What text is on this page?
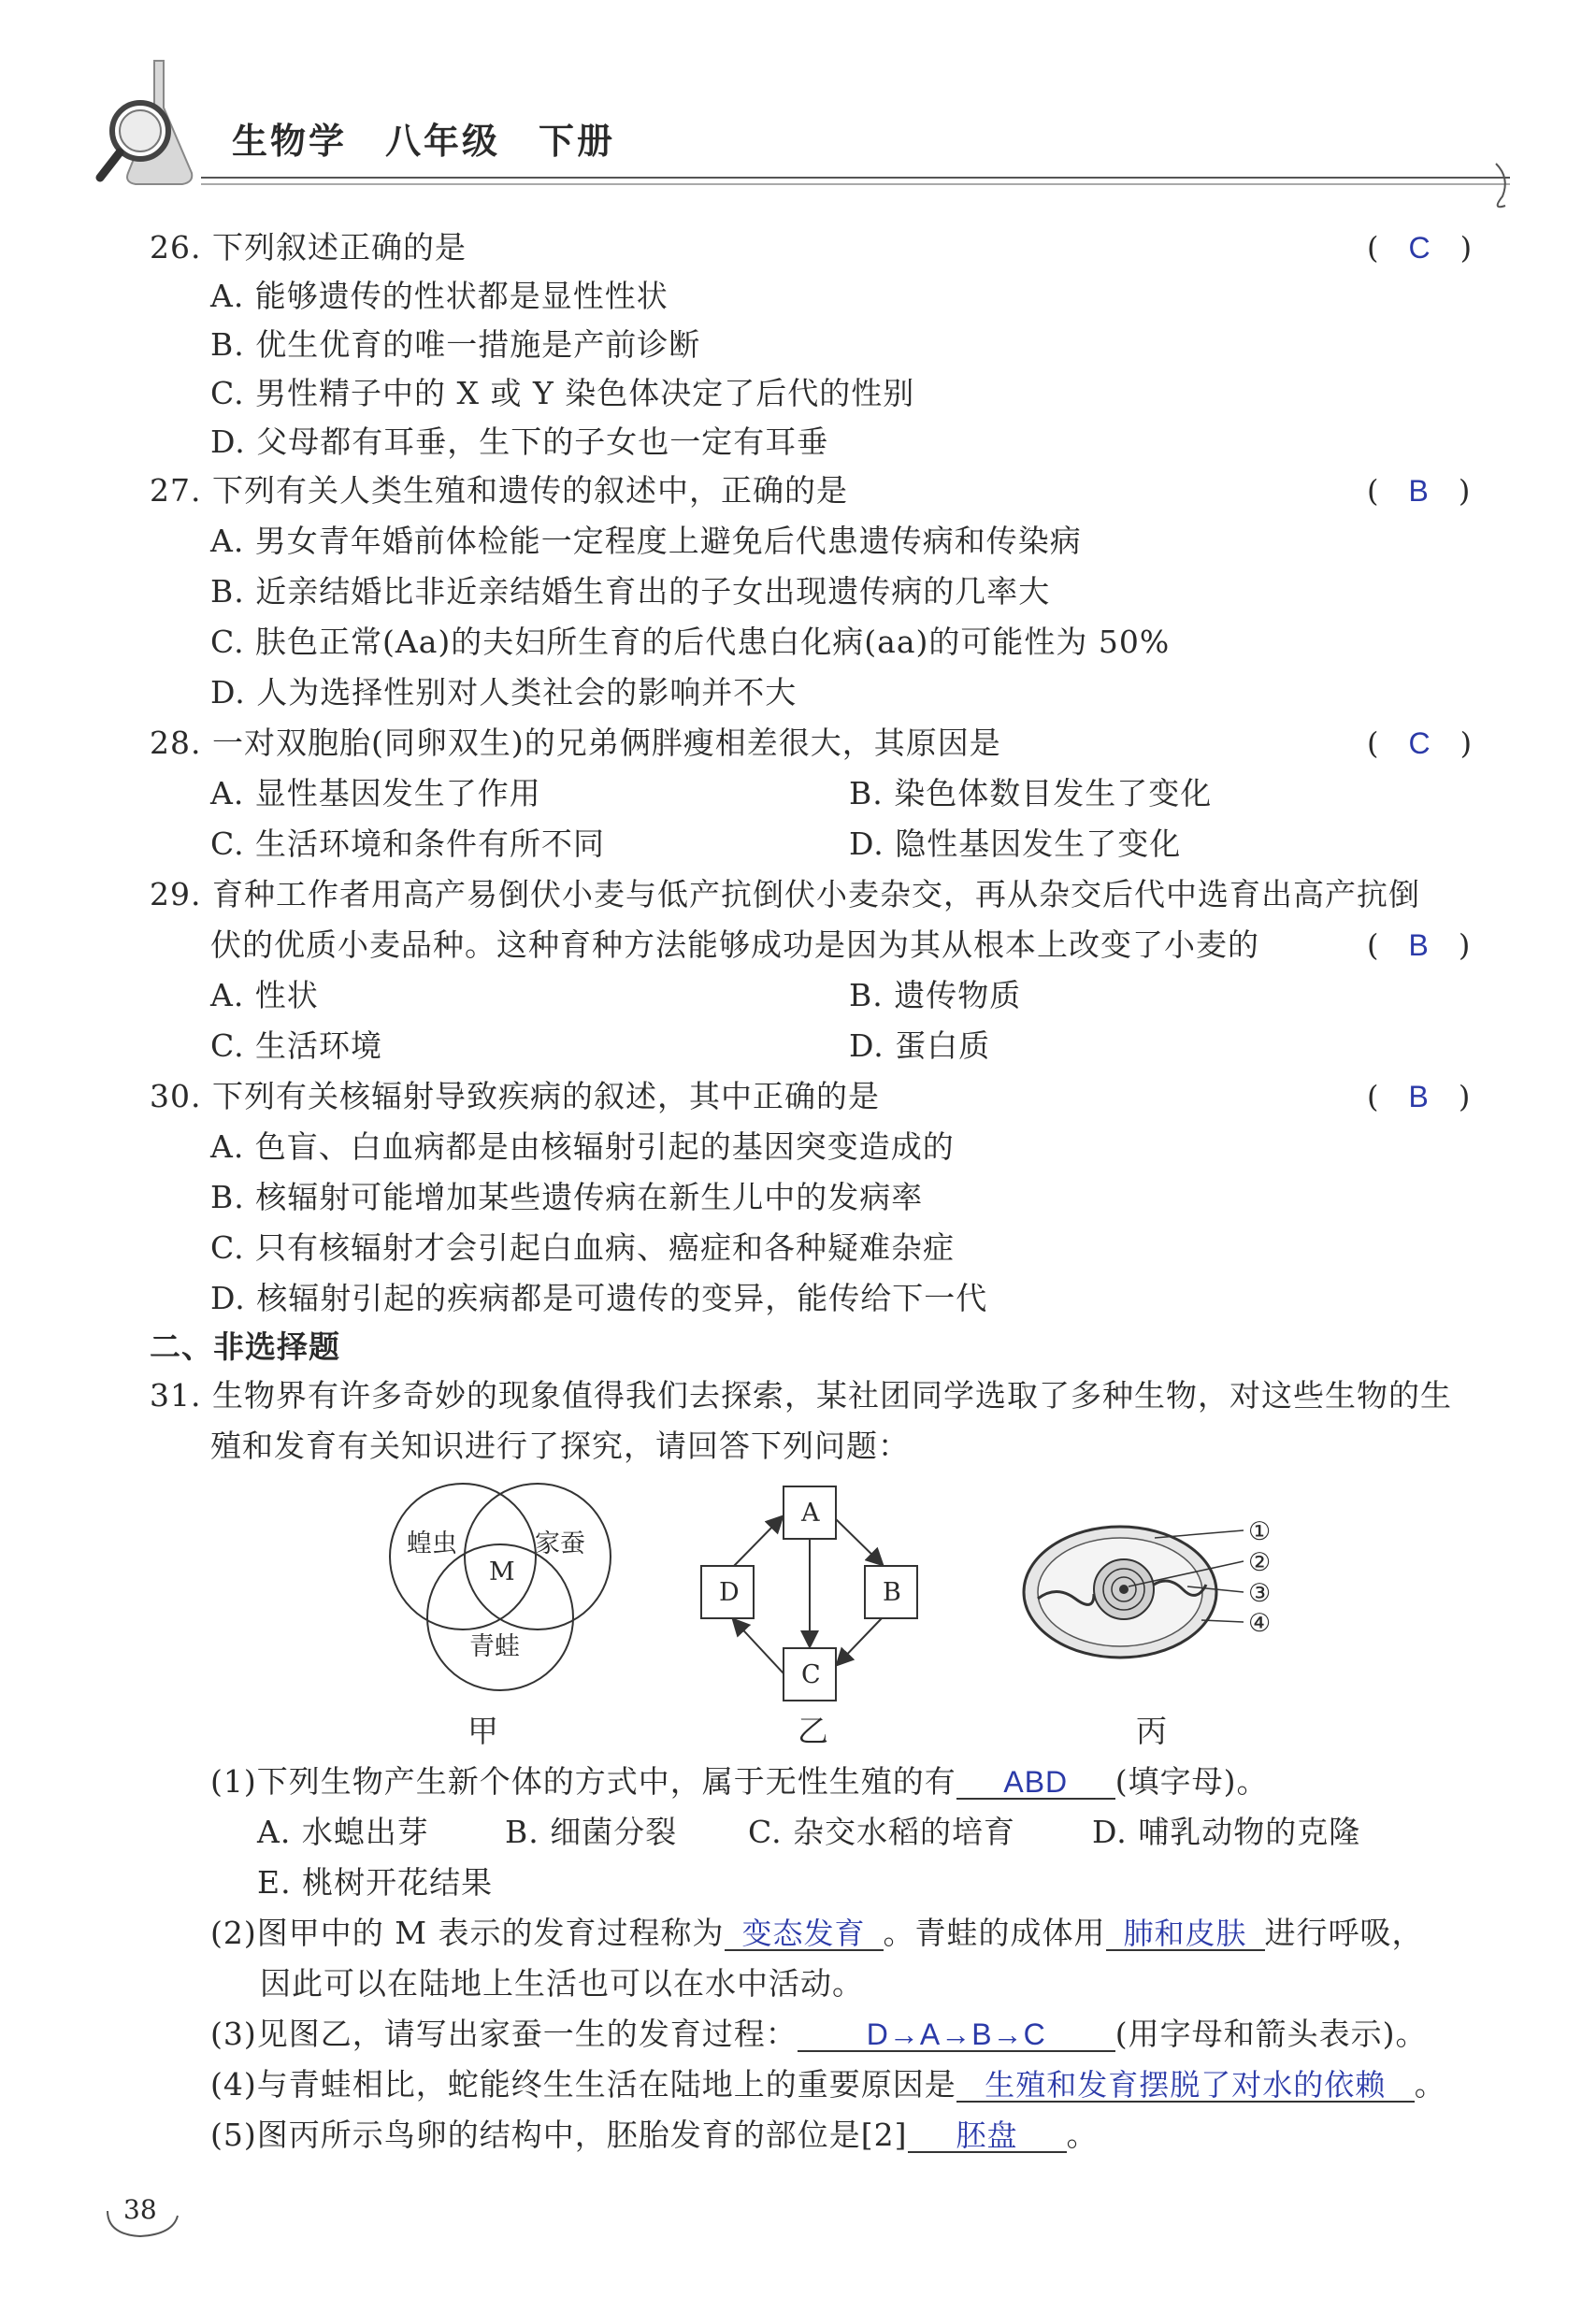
生物学　八年级　下册
26. 下列叙述正确的是	(　C　)
A. 能够遗传的性状都是显性性状
B. 优生优育的唯一措施是产前诊断
C. 男性精子中的 X 或 Y 染色体决定了后代的性别
D. 父母都有耳垂，生下的子女也一定有耳垂
27. 下列有关人类生殖和遗传的叙述中，正确的是	(　B　)
A. 男女青年婚前体检能一定程度上避免后代患遗传病和传染病
B. 近亲结婚比非近亲结婚生育出的子女出现遗传病的几率大
C. 肤色正常(Aa)的夫妇所生育的后代患白化病(aa)的可能性为 50%
D. 人为选择性别对人类社会的影响并不大
28. 一对双胞胎(同卵双生)的兄弟俩胖瘦相差很大，其原因是	(　C　)
A. 显性基因发生了作用	B. 染色体数目发生了变化
C. 生活环境和条件有所不同	D. 隐性基因发生了变化
29. 育种工作者用高产易倒伏小麦与低产抗倒伏小麦杂交，再从杂交后代中选育出高产抗倒
伏的优质小麦品种。这种育种方法能够成功是因为其从根本上改变了小麦的	(　B　)
A. 性状	B. 遗传物质
C. 生活环境	D. 蛋白质
30. 下列有关核辐射导致疾病的叙述，其中正确的是	(　B　)
A. 色盲、白血病都是由核辐射引起的基因突变造成的
B. 核辐射可能增加某些遗传病在新生儿中的发病率
C. 只有核辐射才会引起白血病、癌症和各种疑难杂症
D. 核辐射引起的疾病都是可遗传的变异，能传给下一代
二、非选择题
31. 生物界有许多奇妙的现象值得我们去探索，某社团同学选取了多种生物，对这些生物的生
殖和发育有关知识进行了探究，请回答下列问题：
蝗虫	家蚕
青蛙
M
甲
A
B
C
D
乙
①
②
③
④
丙
(1)下列生物产生新个体的方式中，属于无性生殖的有 ABD (填字母)。
A. 水螅出芽 B. 细菌分裂 C. 杂交水稻的培育 D. 哺乳动物的克隆
E. 桃树开花结果
(2)图甲中的 M 表示的发育过程称为 变态发育 。青蛙的成体用 肺和皮肤 进行呼吸，
因此可以在陆地上生活也可以在水中活动。
(3)见图乙，请写出家蚕一生的发育过程： D→A→B→C (用字母和箭头表示)。
(4)与青蛙相比，蛇能终生生活在陆地上的重要原因是 生殖和发育摆脱了对水的依赖 。
(5)图丙所示鸟卵的结构中，胚胎发育的部位是[2] 胚盘 。
38
